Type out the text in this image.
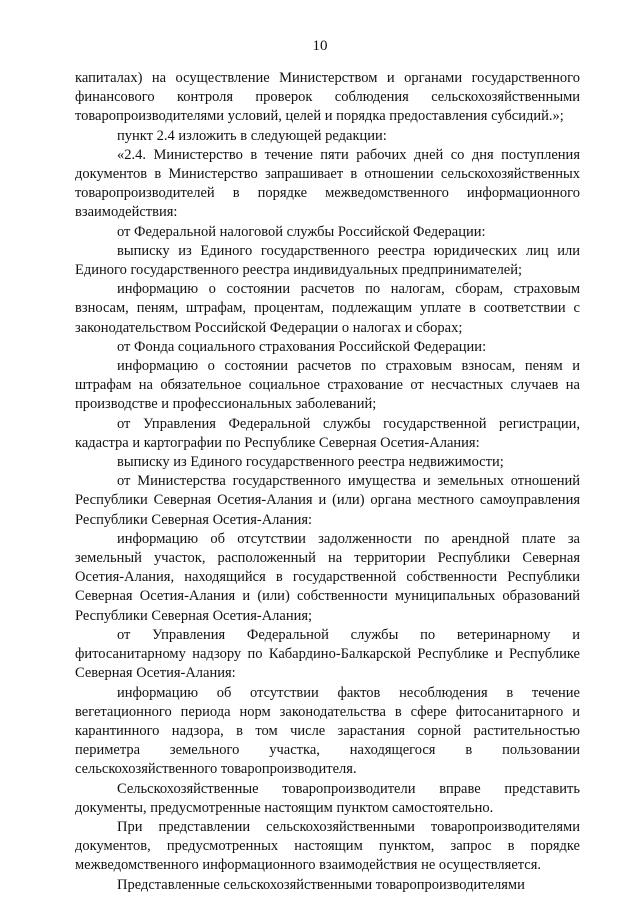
10

капиталах) на осуществление Министерством и органами государственного финансового контроля проверок соблюдения сельскохозяйственными товаропроизводителями условий, целей и порядка предоставления субсидий.»;

пункт 2.4 изложить в следующей редакции:

«2.4. Министерство в течение пяти рабочих дней со дня поступления документов в Министерство запрашивает в отношении сельскохозяйственных товаропроизводителей в порядке межведомственного информационного взаимодействия:

от Федеральной налоговой службы Российской Федерации:

выписку из Единого государственного реестра юридических лиц или Единого государственного реестра индивидуальных предпринимателей;

информацию о состоянии расчетов по налогам, сборам, страховым взносам, пеням, штрафам, процентам, подлежащим уплате в соответствии с законодательством Российской Федерации о налогах и сборах;

от Фонда социального страхования Российской Федерации:

информацию о состоянии расчетов по страховым взносам, пеням и штрафам на обязательное социальное страхование от несчастных случаев на производстве и профессиональных заболеваний;

от Управления Федеральной службы государственной регистрации, кадастра и картографии по Республике Северная Осетия-Алания:

выписку из Единого государственного реестра недвижимости;

от Министерства государственного имущества и земельных отношений Республики Северная Осетия-Алания и (или) органа местного самоуправления Республики Северная Осетия-Алания:

информацию об отсутствии задолженности по арендной плате за земельный участок, расположенный на территории Республики Северная Осетия-Алания, находящийся в государственной собственности Республики Северная Осетия-Алания и (или) собственности муниципальных образований Республики Северная Осетия-Алания;

от Управления Федеральной службы по ветеринарному и фитосанитарному надзору по Кабардино-Балкарской Республике и Республике Северная Осетия-Алания:

информацию об отсутствии фактов несоблюдения в течение вегетационного периода норм законодательства в сфере фитосанитарного и карантинного надзора, в том числе зарастания сорной растительностью периметра земельного участка, находящегося в пользовании сельскохозяйственного товаропроизводителя.

Сельскохозяйственные товаропроизводители вправе представить документы, предусмотренные настоящим пунктом самостоятельно.

При представлении сельскохозяйственными товаропроизводителями документов, предусмотренных настоящим пунктом, запрос в порядке межведомственного информационного взаимодействия не осуществляется.

Представленные сельскохозяйственными товаропроизводителями
